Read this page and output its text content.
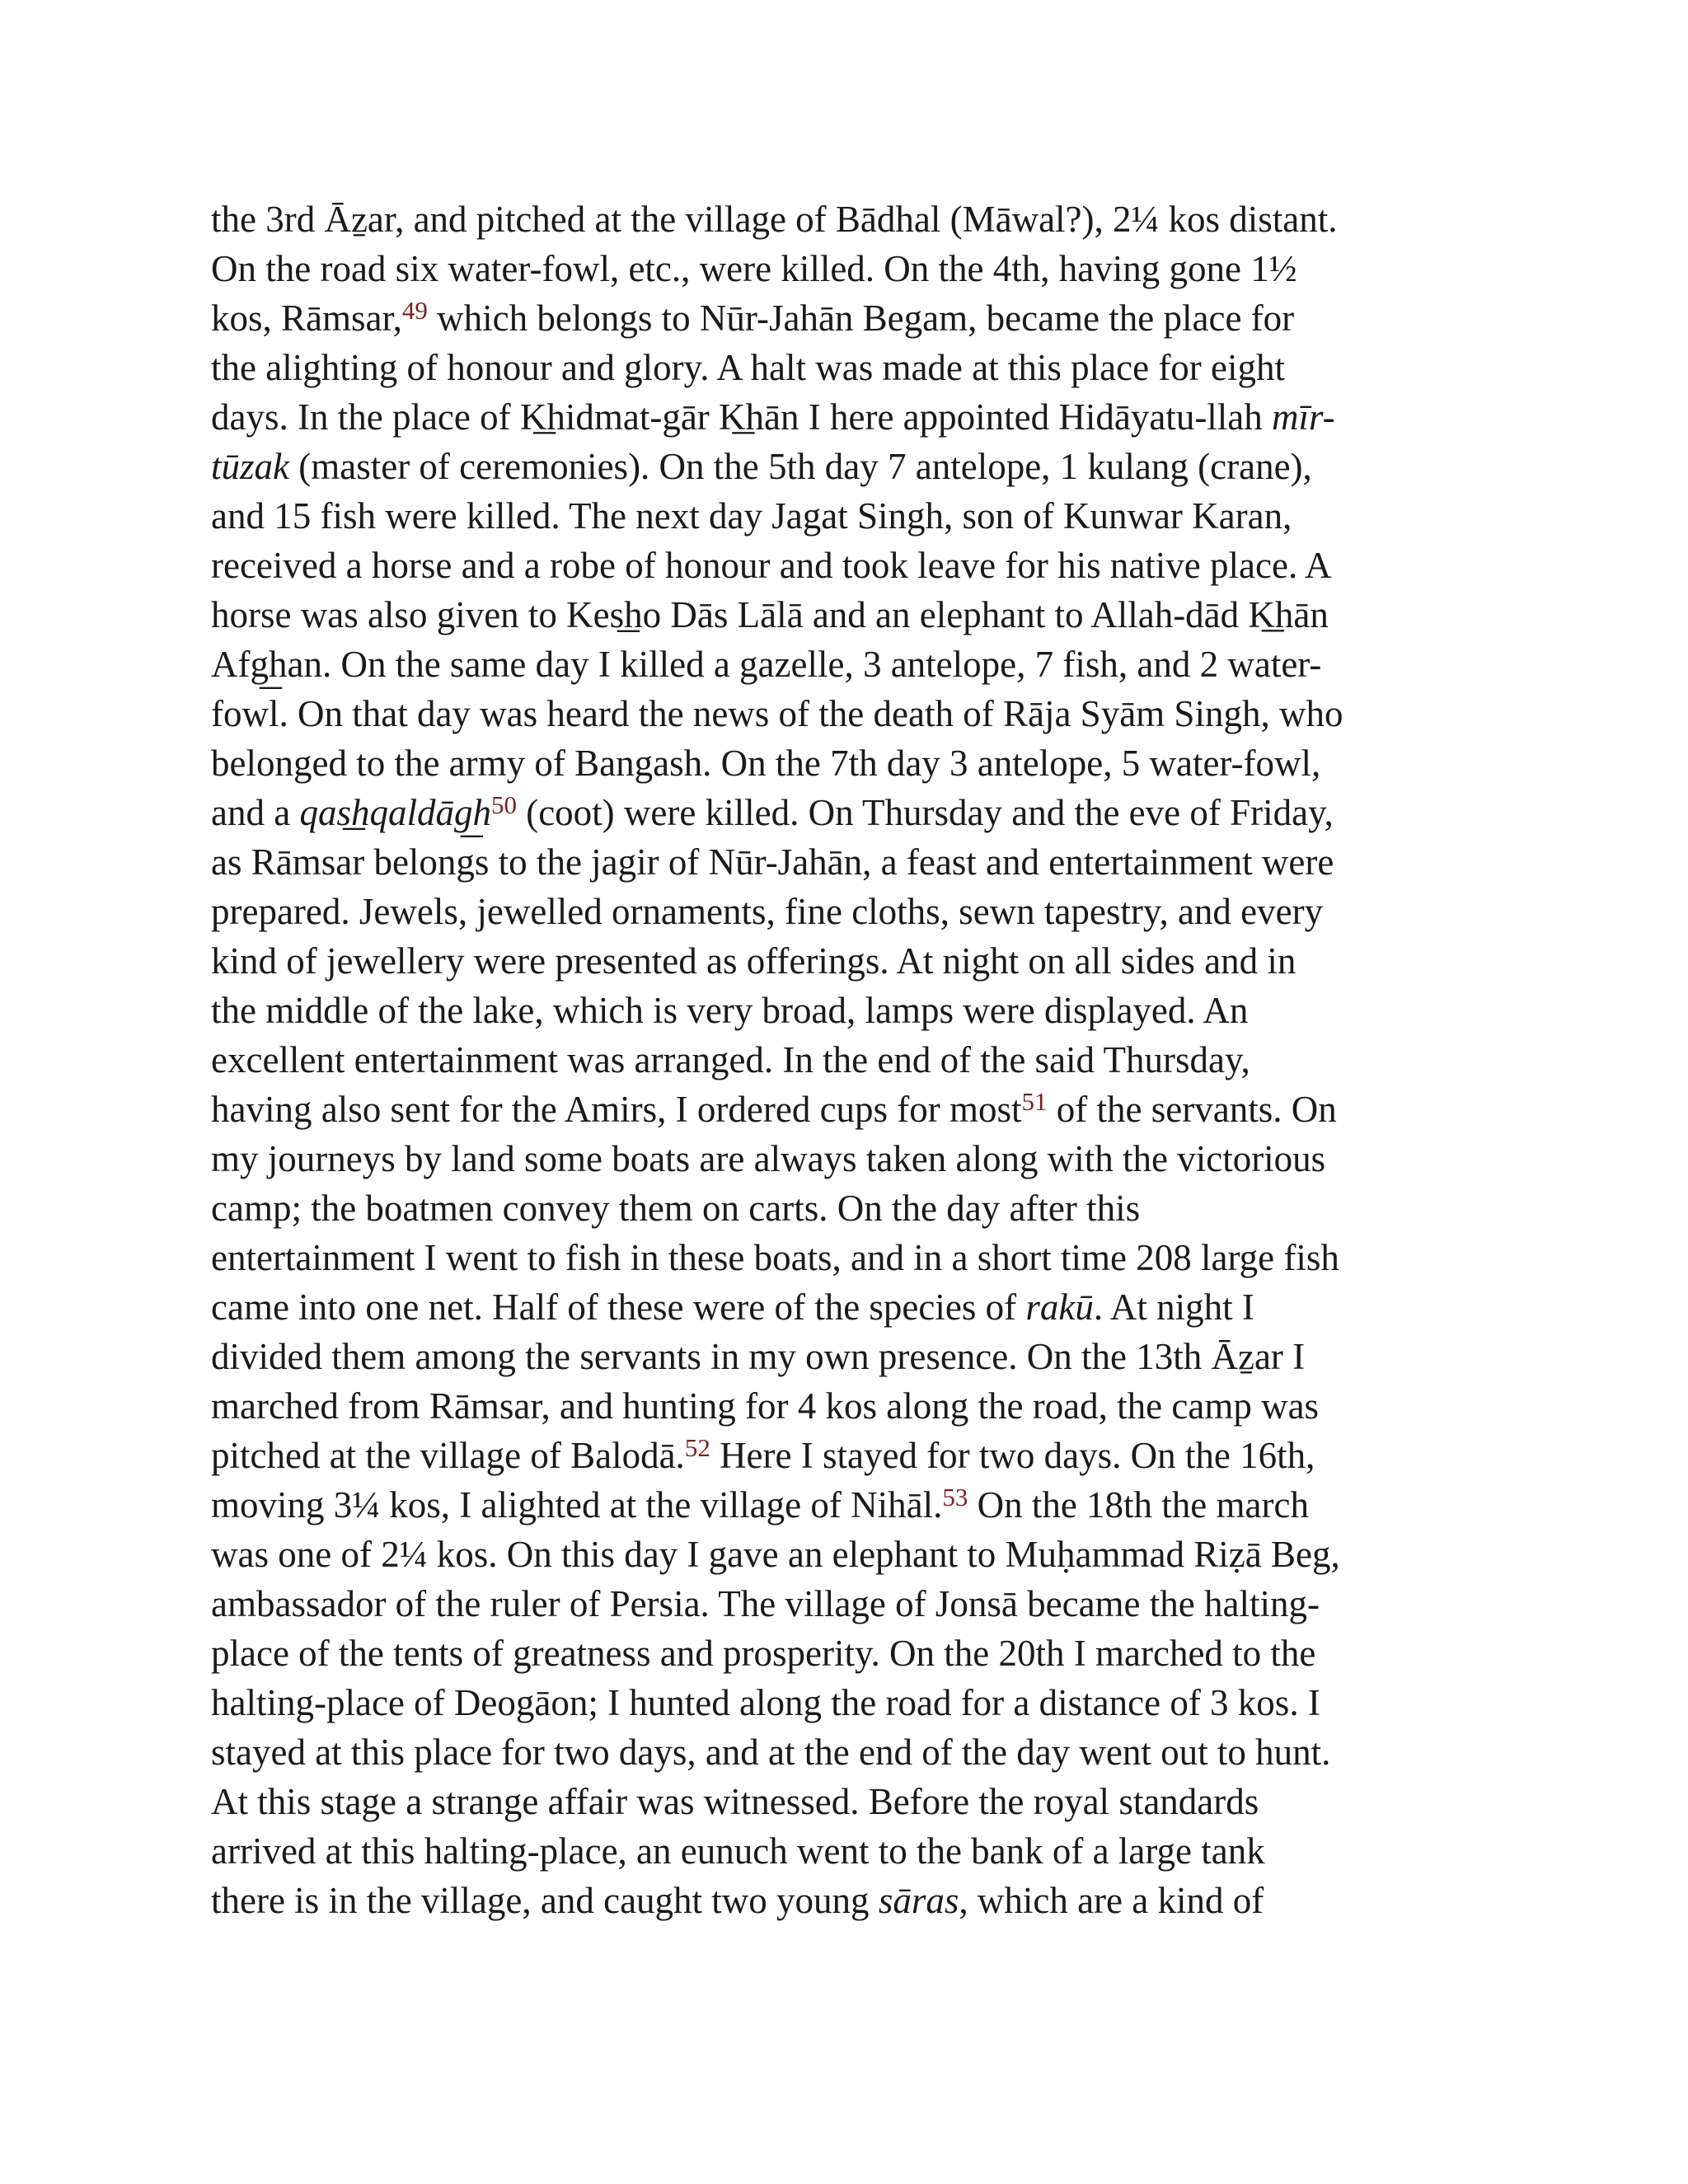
the 3rd Āẕar, and pitched at the village of Bādhal (Māwal?), 2¼ kos distant.
On the road six water-fowl, etc., were killed. On the 4th, having gone 1½
kos, Rāmsar,$^{49}$ which belongs to Nūr-Jahān Begam, became the place for
the alighting of honour and glory. A halt was made at this place for eight
days. In the place of K͟hidmat-gār K͟hān I here appointed Hidāyatu-llah mīr-
tūzak (master of ceremonies). On the 5th day 7 antelope, 1 kulang (crane),
and 15 fish were killed. The next day Jagat Singh, son of Kunwar Karan,
received a horse and a robe of honour and took leave for his native place. A
horse was also given to Kes͟ho Dās Lālā and an elephant to Allah-dād K͟hān
Afg͟han. On the same day I killed a gazelle, 3 antelope, 7 fish, and 2 water-
fowl. On that day was heard the news of the death of Rāja Syām Singh, who
belonged to the army of Bangash. On the 7th day 3 antelope, 5 water-fowl,
and a qas͟hqaldāg͟h$^{50}$ (coot) were killed. On Thursday and the eve of Friday,
as Rāmsar belongs to the jagir of Nūr-Jahān, a feast and entertainment were
prepared. Jewels, jewelled ornaments, fine cloths, sewn tapestry, and every
kind of jewellery were presented as offerings. At night on all sides and in
the middle of the lake, which is very broad, lamps were displayed. An
excellent entertainment was arranged. In the end of the said Thursday,
having also sent for the Amirs, I ordered cups for most$^{51}$ of the servants. On
my journeys by land some boats are always taken along with the victorious
camp; the boatmen convey them on carts. On the day after this
entertainment I went to fish in these boats, and in a short time 208 large fish
came into one net. Half of these were of the species of rakū. At night I
divided them among the servants in my own presence. On the 13th Āẕar I
marched from Rāmsar, and hunting for 4 kos along the road, the camp was
pitched at the village of Balodā.$^{52}$ Here I stayed for two days. On the 16th,
moving 3¼ kos, I alighted at the village of Nihāl.$^{53}$ On the 18th the march
was one of 2¼ kos. On this day I gave an elephant to Muḥammad Riẓā Beg,
ambassador of the ruler of Persia. The village of Jonsā became the halting-
place of the tents of greatness and prosperity. On the 20th I marched to the
halting-place of Deogāon; I hunted along the road for a distance of 3 kos. I
stayed at this place for two days, and at the end of the day went out to hunt.
At this stage a strange affair was witnessed. Before the royal standards
arrived at this halting-place, an eunuch went to the bank of a large tank
there is in the village, and caught two young sāras, which are a kind of
